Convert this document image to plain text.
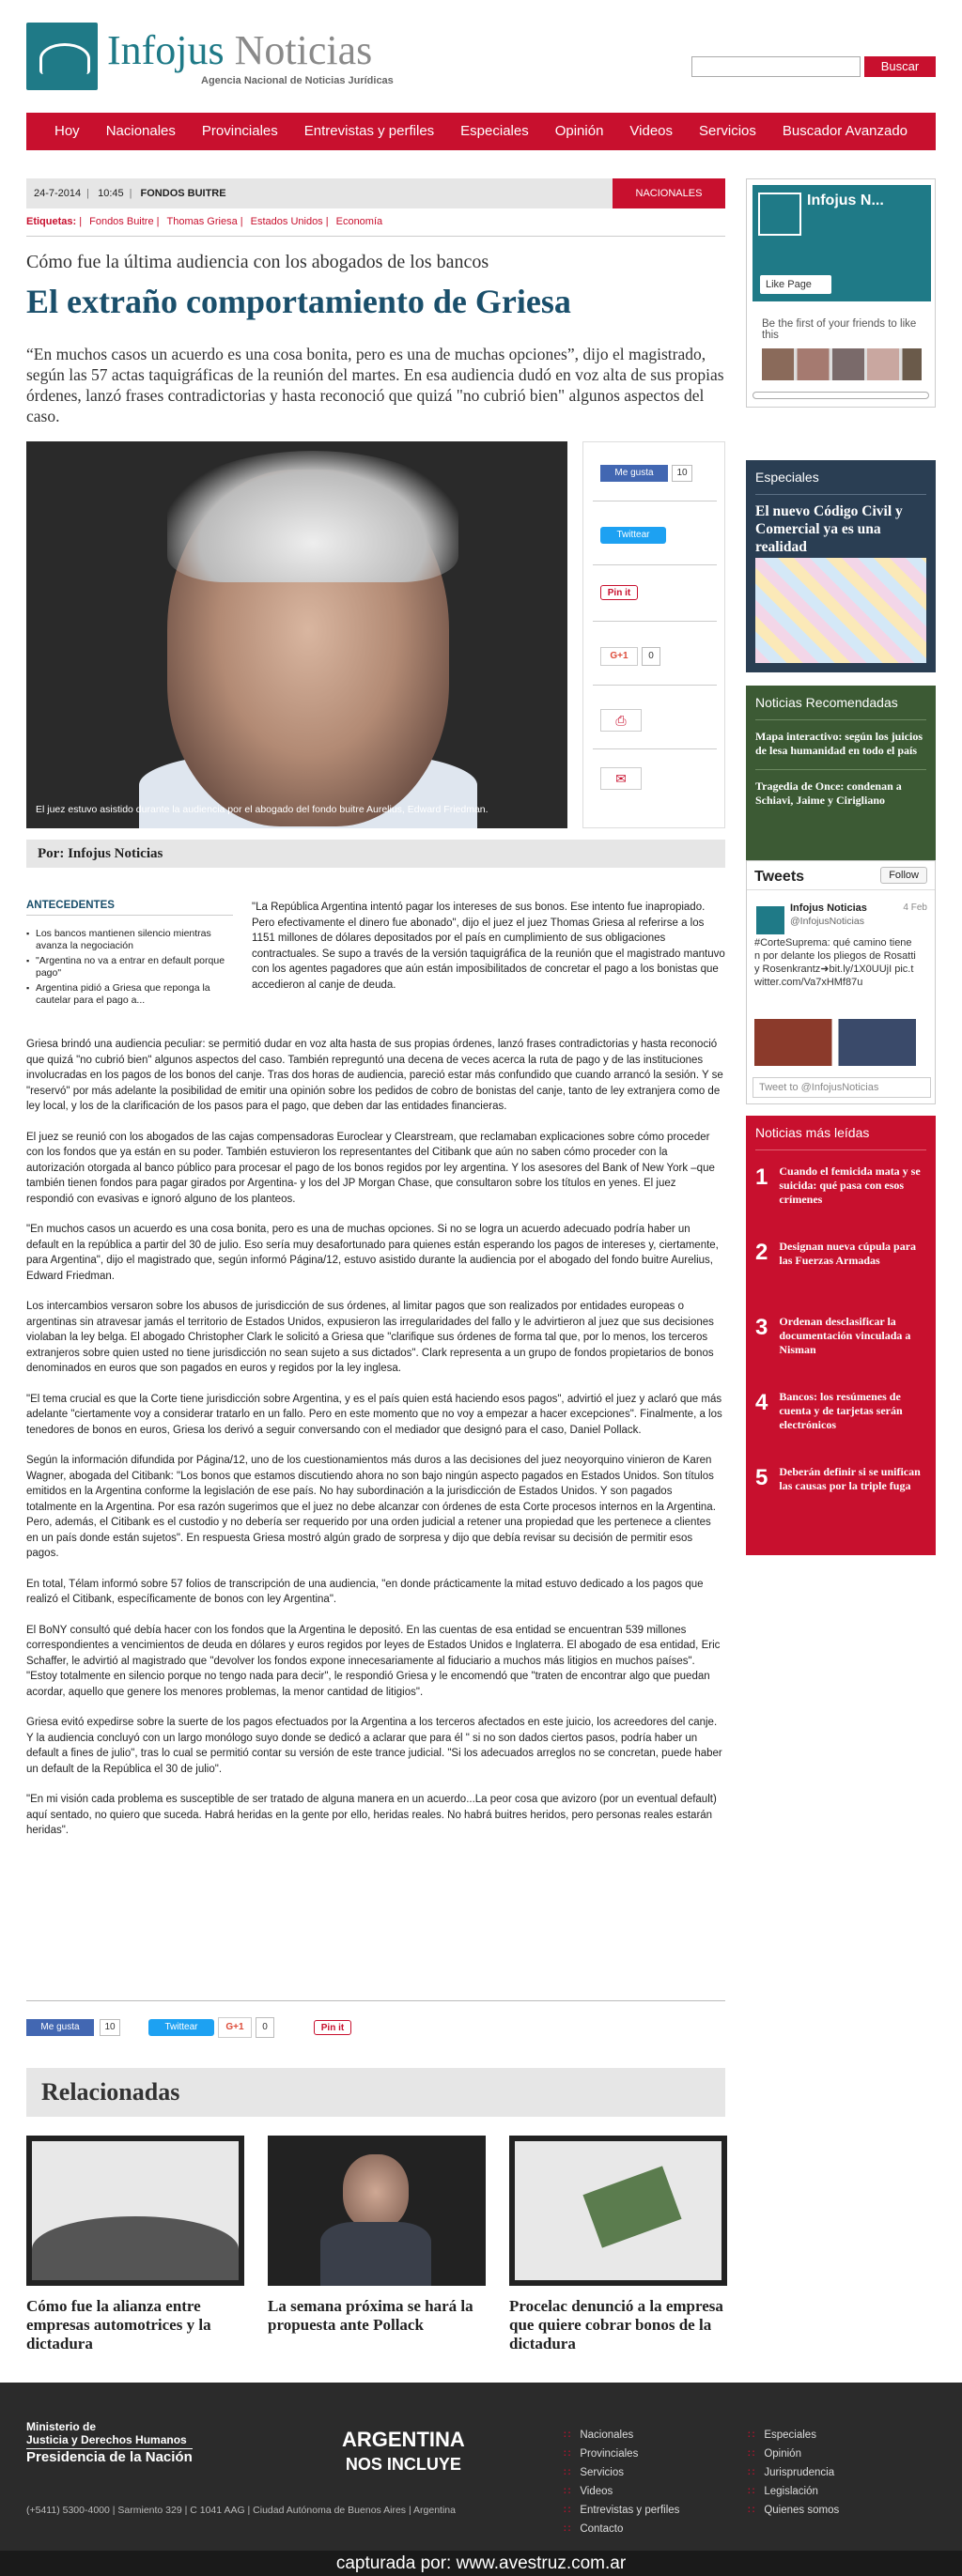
Infojus Noticias
Agencia Nacional de Noticias Jurídicas
Buscar
Hoy	Nacionales	Provinciales	Entrevistas y perfiles	Especiales	Opinión	Videos	Servicios	Buscador Avanzado
24-7-2014 | 10:45 | FONDOS BUITRE	NACIONALES
Etiquetas: | Fondos Buitre | Thomas Griesa | Estados Unidos | Economía
Cómo fue la última audiencia con los abogados de los bancos
El extraño comportamiento de Griesa
“En muchos casos un acuerdo es una cosa bonita, pero es una de muchas opciones”, dijo el magistrado, según las 57 actas taquigráficas de la reunión del martes. En esa audiencia dudó en voz alta de sus propias órdenes, lanzó frases contradictorias y hasta reconoció que quizá "no cubrió bien" algunos aspectos del caso.
El juez estuvo asistido durante la audiencia por el abogado del fondo buitre Aurelius, Edward Friedman.
Me gusta	10
Twittear
Pin it
G+1	0
⎙
✉
Por: Infojus Noticias
ANTECEDENTES
▪ Los bancos mantienen silencio mientras avanza la negociación
▪ "Argentina no va a entrar en default porque pago"
▪ Argentina pidió a Griesa que reponga la cautelar para el pago a...
"La República Argentina intentó pagar los intereses de sus bonos. Ese intento fue inapropiado. Pero efectivamente el dinero fue abonado", dijo el juez el juez Thomas Griesa al referirse a los 1151 millones de dólares depositados por el país en cumplimiento de sus obligaciones contractuales. Se supo a través de la versión taquigráfica de la reunión que el magistrado mantuvo con los agentes pagadores que aún están imposibilitados de concretar el pago a los bonistas que accedieron al canje de deuda.

Griesa brindó una audiencia peculiar: se permitió dudar en voz alta hasta de sus propias órdenes, lanzó frases contradictorias y hasta reconoció que quizá "no cubrió bien" algunos aspectos del caso. También repreguntó una decena de veces acerca la ruta de pago y de las instituciones involucradas en los pagos de los bonos del canje. Tras dos horas de audiencia, pareció estar más confundido que cuando arrancó la sesión. Y se "reservó" por más adelante la posibilidad de emitir una opinión sobre los pedidos de cobro de bonistas del canje, tanto de ley extranjera como de ley local, y los de la clarificación de los pasos para el pago, que deben dar las entidades financieras.

El juez se reunió con los abogados de las cajas compensadoras Euroclear y Clearstream, que reclamaban explicaciones sobre cómo proceder con los fondos que ya están en su poder. También estuvieron los representantes del Citibank que aún no saben cómo proceder con la autorización otorgada al banco público para procesar el pago de los bonos regidos por ley argentina. Y los asesores del Bank of New York –que también tienen fondos para pagar girados por Argentina- y los del JP Morgan Chase, que consultaron sobre los títulos en yenes. El juez respondió con evasivas e ignoró alguno de los planteos.

"En muchos casos un acuerdo es una cosa bonita, pero es una de muchas opciones. Si no se logra un acuerdo adecuado podría haber un default en la república a partir del 30 de julio. Eso sería muy desafortunado para quienes están esperando los pagos de intereses y, ciertamente, para Argentina", dijo el magistrado que, según informó Página/12, estuvo asistido durante la audiencia por el abogado del fondo buitre Aurelius, Edward Friedman.

Los intercambios versaron sobre los abusos de jurisdicción de sus órdenes, al limitar pagos que son realizados por entidades europeas o argentinas sin atravesar jamás el territorio de Estados Unidos, expusieron las irregularidades del fallo y le advirtieron al juez que sus decisiones violaban la ley belga. El abogado Christopher Clark le solicitó a Griesa que "clarifique sus órdenes de forma tal que, por lo menos, los terceros extranjeros sobre quien usted no tiene jurisdicción no sean sujeto a sus dictados". Clark representa a un grupo de fondos propietarios de bonos denominados en euros que son pagados en euros y regidos por la ley inglesa.

"El tema crucial es que la Corte tiene jurisdicción sobre Argentina, y es el país quien está haciendo esos pagos", advirtió el juez y aclaró que más adelante "ciertamente voy a considerar tratarlo en un fallo. Pero en este momento que no voy a empezar a hacer excepciones". Finalmente, a los tenedores de bonos en euros, Griesa los derivó a seguir conversando con el mediador que designó para el caso, Daniel Pollack.

Según la información difundida por Página/12, uno de los cuestionamientos más duros a las decisiones del juez neoyorquino vinieron de Karen Wagner, abogada del Citibank: "Los bonos que estamos discutiendo ahora no son bajo ningún aspecto pagados en Estados Unidos. Son títulos emitidos en la Argentina conforme la legislación de ese país. No hay subordinación a la jurisdicción de Estados Unidos. Y son pagados totalmente en la Argentina. Por esa razón sugerimos que el juez no debe alcanzar con órdenes de esta Corte procesos internos en la Argentina. Pero, además, el Citibank es el custodio y no debería ser requerido por una orden judicial a retener una propiedad que les pertenece a clientes en un país donde están sujetos". En respuesta Griesa mostró algún grado de sorpresa y dijo que debía revisar su decisión de permitir esos pagos.

En total, Télam informó sobre 57 folios de transcripción de una audiencia, "en donde prácticamente la mitad estuvo dedicado a los pagos que realizó el Citibank, específicamente de bonos con ley Argentina".

El BoNY consultó qué debía hacer con los fondos que la Argentina le depositó. En las cuentas de esa entidad se encuentran 539 millones correspondientes a vencimientos de deuda en dólares y euros regidos por leyes de Estados Unidos e Inglaterra. El abogado de esa entidad, Eric Schaffer, le advirtió al magistrado que "devolver los fondos expone innecesariamente al fiduciario a muchos más litigios en muchos países". "Estoy totalmente en silencio porque no tengo nada para decir", le respondió Griesa y le encomendó que "traten de encontrar algo que puedan acordar, aquello que genere los menores problemas, la menor cantidad de litigios".

Griesa evitó expedirse sobre la suerte de los pagos efectuados por la Argentina a los terceros afectados en este juicio, los acreedores del canje. Y la audiencia concluyó con un largo monólogo suyo donde se dedicó a aclarar que para él " si no son dados ciertos pasos, podría haber un default a fines de julio", tras lo cual se permitió contar su versión de este trance judicial. "Si los adecuados arreglos no se concretan, puede haber un default de la República el 30 de julio".

"En mi visión cada problema es susceptible de ser tratado de alguna manera en un acuerdo...La peor cosa que avizoro (por un eventual default) aquí sentado, no quiero que suceda. Habrá heridas en la gente por ello, heridas reales. No habrá buitres heridos, pero personas reales estarán heridas".

Me gusta	10	Twittear	G+1	0	Pin it
Relacionadas
Cómo fue la alianza entre empresas automotrices y la dictadura
La semana próxima se hará la propuesta ante Pollack
Procelac denunció a la empresa que quiere cobrar bonos de la dictadura
Infojus N...
Like Page
Be the first of your friends to like this
Especiales
El nuevo Código Civil y Comercial ya es una realidad
Noticias Recomendadas
Mapa interactivo: según los juicios de lesa humanidad en todo el país
Tragedia de Once: condenan a Schiavi, Jaime y Cirigliano
Tweets	Follow
Infojus Noticias	4 Feb
@InfojusNoticias
#CorteSuprema: qué camino tienen por delante los pliegos de Rosatti y Rosenkrantz➜bit.ly/1X0UUjI pic.twitter.com/Va7xHMf87u
Tweet to @InfojusNoticias
Noticias más leídas
1 Cuando el femicida mata y se suicida: qué pasa con esos crímenes
2 Designan nueva cúpula para las Fuerzas Armadas
3 Ordenan desclasificar la documentación vinculada a Nisman
4 Bancos: los resúmenes de cuenta y de tarjetas serán electrónicos
5 Deberán definir si se unifican las causas por la triple fuga
Ministerio de
Justicia y Derechos Humanos
Presidencia de la Nación
ARGENTINA
NOS INCLUYE
(+5411) 5300-4000 | Sarmiento 329 | C 1041 AAG | Ciudad Autónoma de Buenos Aires | Argentina
∷ Nacionales
∷ Provinciales
∷ Servicios
∷ Videos
∷ Entrevistas y perfiles
∷ Contacto
∷ Especiales
∷ Opinión
∷ Jurisprudencia
∷ Legislación
∷ Quienes somos
capturada por: www.avestruz.com.ar
